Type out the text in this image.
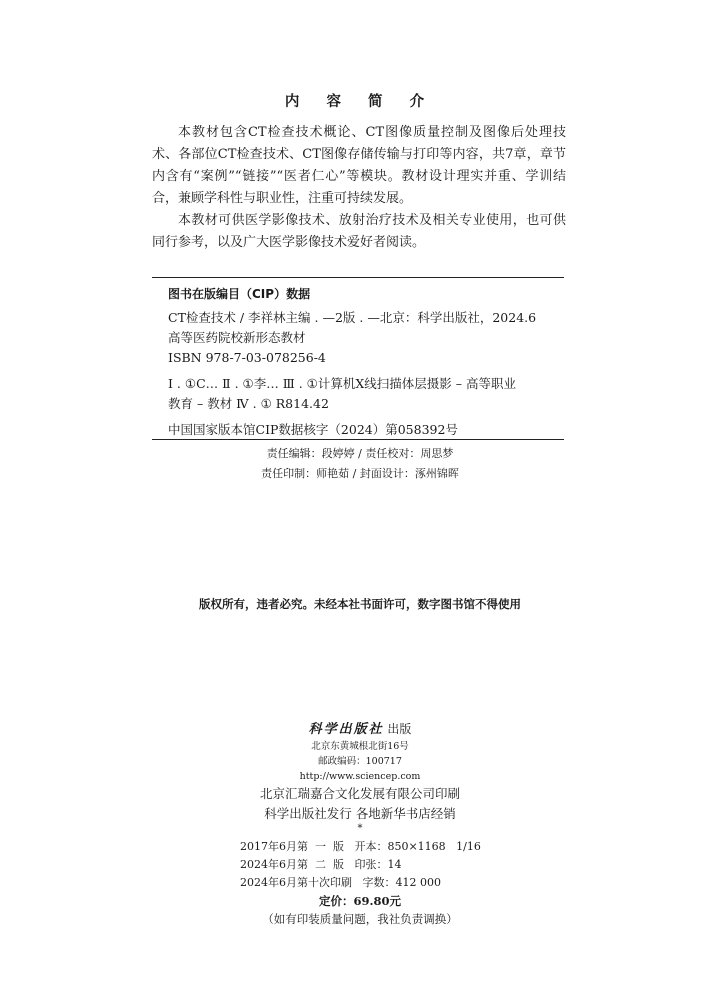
内 容 简 介

本教材包含CT检查技术概论、CT图像质量控制及图像后处理技术、各部位CT检查技术、CT图像存储传输与打印等内容，共7章，章节内含有“案例”“链接”“医者仁心”等模块。教材设计理实并重、学训结合，兼顾学科性与职业性，注重可持续发展。

本教材可供医学影像技术、放射治疗技术及相关专业使用，也可供同行参考，以及广大医学影像技术爱好者阅读。

图书在版编目（CIP）数据
CT检查技术 / 李祥林主编 . —2版 . —北京：科学出版社，2024.6
高等医药院校新形态教材
ISBN 978-7-03-078256-4
Ⅰ . ①C… Ⅱ . ①李… Ⅲ . ①计算机X线扫描体层摄影 – 高等职业
教育 – 教材 Ⅳ . ① R814.42
中国国家版本馆CIP数据核字（2024）第058392号
责任编辑：段婷婷 / 责任校对：周思梦
责任印制：师艳茹 / 封面设计：涿州锦晖
版权所有，违者必究。未经本社书面许可，数字图书馆不得使用
科学出版社 出版
北京东黄城根北街16号
邮政编码：100717
http://www.sciencep.com
北京汇瑞嘉合文化发展有限公司印刷
科学出版社发行 各地新华书店经销
*
2017年6月第  一  版   开本：850×1168   1/16
2024年6月第  二  版   印张：14
2024年6月第十次印刷   字数：412 000
定价：69.80元
（如有印装质量问题，我社负责调换）
